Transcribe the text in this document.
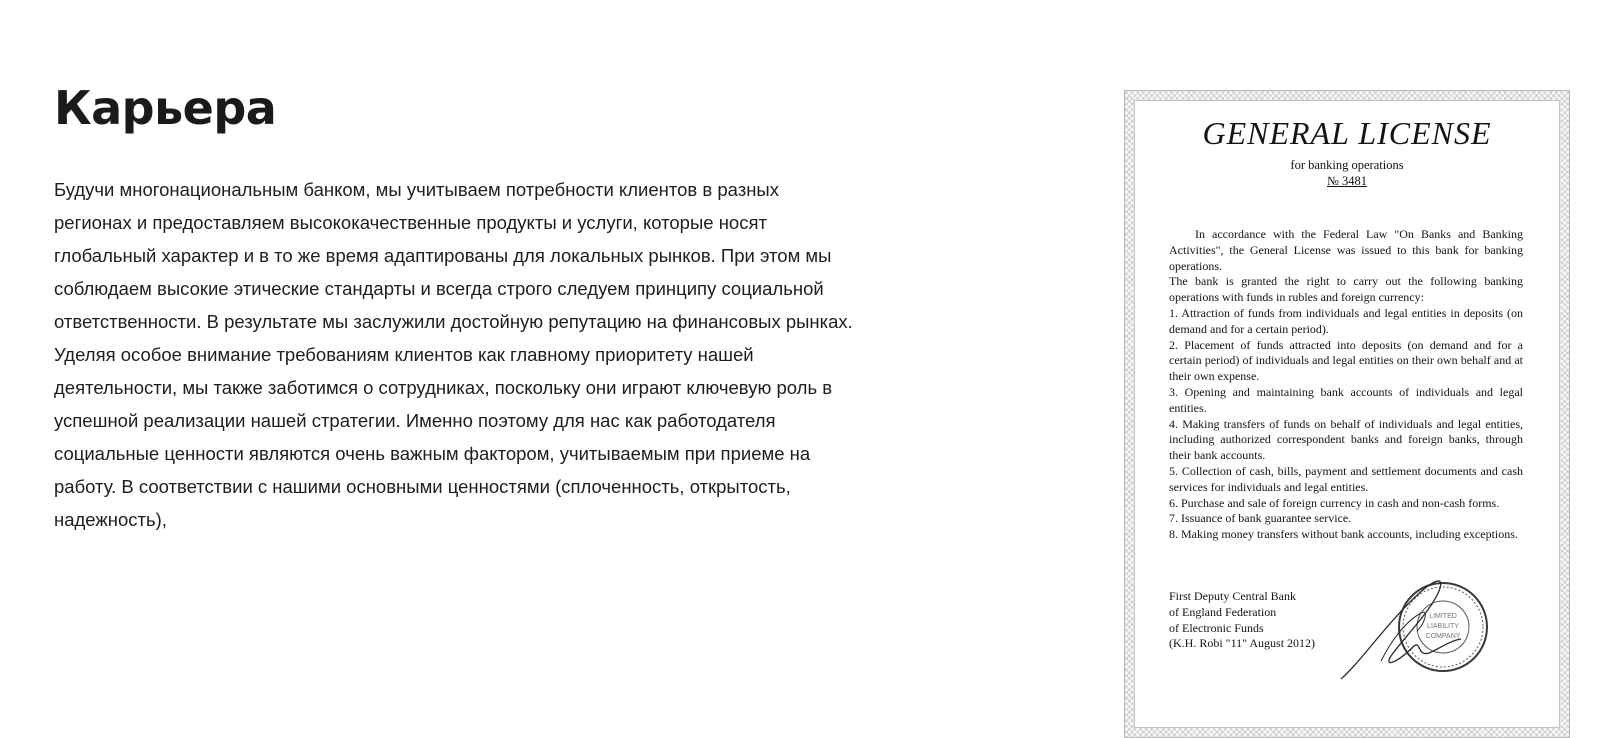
Карьера
Будучи многонациональным банком, мы учитываем потребности клиентов в разных
регионах и предоставляем высококачественные продукты и услуги, которые носят
глобальный характер и в то же время адаптированы для локальных рынков. При этом мы
соблюдаем высокие этические стандарты и всегда строго следуем принципу социальной
ответственности. В результате мы заслужили достойную репутацию на финансовых рынках.
Уделяя особое внимание требованиям клиентов как главному приоритету нашей
деятельности, мы также заботимся о сотрудниках, поскольку они играют ключевую роль в
успешной реализации нашей стратегии. Именно поэтому для нас как работодателя
социальные ценности являются очень важным фактором, учитываемым при приеме на
работу. В соответствии с нашими основными ценностями (сплоченность, открытость,
надежность),
GENERAL LICENSE
for banking operations
№ 3481

In accordance with the Federal Law "On Banks and Banking Activities", the General License was issued to this bank for banking operations.

The bank is granted the right to carry out the following banking operations with funds in rubles and foreign currency:

1. Attraction of funds from individuals and legal entities in deposits (on demand and for a certain period).

2. Placement of funds attracted into deposits (on demand and for a certain period) of individuals and legal entities on their own behalf and at their own expense.

3. Opening and maintaining bank accounts of individuals and legal entities.

4. Making transfers of funds on behalf of individuals and legal entities, including authorized correspondent banks and foreign banks, through their bank accounts.

5. Collection of cash, bills, payment and settlement documents and cash services for individuals and legal entities.

6. Purchase and sale of foreign currency in cash and non-cash forms.

7. Issuance of bank guarantee service.

8. Making money transfers without bank accounts, including exceptions.

First Deputy Central Bank
of England Federation
of Electronic Funds
(K.H. Robi "11" August 2012)
LIMITED
LIABILITY
COMPANY
